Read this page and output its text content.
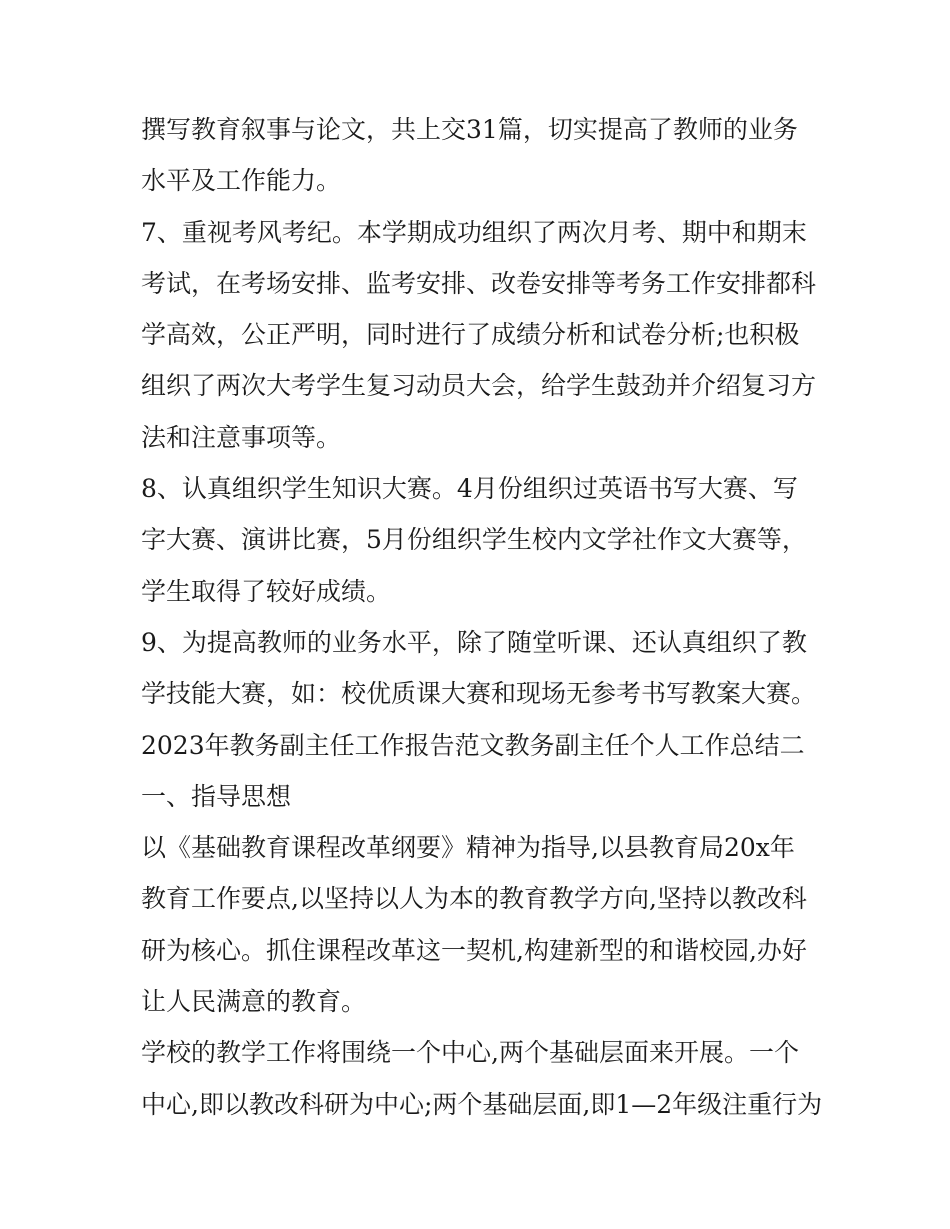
撰写教育叙事与论文，共上交31篇，切实提高了教师的业务
水平及工作能力。
7、重视考风考纪。本学期成功组织了两次月考、期中和期末
考试，在考场安排、监考安排、改卷安排等考务工作安排都科
学高效，公正严明，同时进行了成绩分析和试卷分析;也积极
组织了两次大考学生复习动员大会，给学生鼓劲并介绍复习方
法和注意事项等。
8、认真组织学生知识大赛。4月份组织过英语书写大赛、写
字大赛、演讲比赛，5月份组织学生校内文学社作文大赛等，
学生取得了较好成绩。
9、为提高教师的业务水平，除了随堂听课、还认真组织了教
学技能大赛，如：校优质课大赛和现场无参考书写教案大赛。
2023年教务副主任工作报告范文教务副主任个人工作总结二
一、指导思想
以《基础教育课程改革纲要》精神为指导,以县教育局20x年
教育工作要点,以坚持以人为本的教育教学方向,坚持以教改科
研为核心。抓住课程改革这一契机,构建新型的和谐校园,办好
让人民满意的教育。
学校的教学工作将围绕一个中心,两个基础层面来开展。一个
中心,即以教改科研为中心;两个基础层面,即1—2年级注重行为
